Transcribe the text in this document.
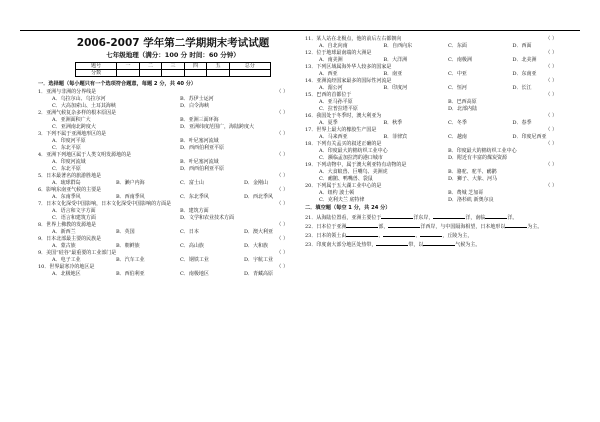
2006-2007 学年第二学期期末考试试题
七年级地理（满分：100 分 时间：60 分钟）
题号	一	二	三	四	五	总分
分数						
一．选择题（每小题只有一个选项符合题意，每题 2 分，共 40 分）
1．亚洲与非洲的分界线是	（ ）
A．乌拉尔山、乌拉尔河	B．苏伊士运河
C．大高加索山、土耳其海峡	D．白令海峡
2．亚洲气候复杂多样的根本原因是	（ ）
A．亚洲面积广大	B．亚洲三面环海
C．亚洲南北跨度大	D．亚洲纬度范围广，海陆跨度大
3．下列不属于亚洲地形区的是	（ ）
A．印度河平原	B．叶尼塞河流域
C．东北平原	D．西西伯利亚平原
4．亚洲下列地区属于人类文明发源地的是	（ ）
A．印度河流域	B．叶尼塞河流域
C．东北平原	D．西西伯利亚平原
5．日本最著名的旅游胜地是	（ ）
A．琉球群岛	B．濑户内海	C．富士山	D．金刚山
6．影响东南亚气候的主要是	（ ）
A．东南季风	B．西南季风	C．东北季风	D．西北季风
7．日本文化深受中国影响，日本文化深受中国影响的方面是	（ ）
A．语言和文字方面	B．建筑方面
C．语言和建筑方面	D．文学和农业技术方面
8．世界上佛教的发源地是	（ ）
A．新西兰	B．英国	C．日本	D．澳大利亚
9．日本北部最主要的民族是	（ ）
A．蒙古族	B．朝鲜族	C．高山族	D．大和族
9．美国“硅谷”最重要的工业部门是	（ ）
A．电子工业	B．汽车工业	C．钢铁工业	D．宇航工业
10．世界最寒冷的地区是	（ ）
A．北极地区	B．西伯利亚	C．南极地区	D．青藏高原
11．某人站在北极点，他的前后左右都朝向	（ ）
A．自北向南	B．自西向东	C．东面	D．西面
12．位于地球最南端的大洲是	（ ）
A．南美洲	B．大洋洲	C．南极洲	D．北美洲
13．下列区域属海外华人较多的国家是	（ ）
A．西亚	B．南亚	C．中亚	D．东南亚
14．亚洲流经国家最多的国际性河流是	（ ）
A．湄公河	B．印度河	C．恒河	D．长江
15．巴西的首都位于	（ ）
A．亚马孙平原	B．巴西高原
C．拉普拉塔平原	D．北部内陆
16．我国处于冬季时，澳大利亚为	（ ）
A．夏季	B．秋季	C．冬季	D．春季
17．世界上最大的橡胶生产国是	（ ）
A．马来西亚	B．菲律宾	C．越南	D．印度尼西亚
18．下列有关孟买的叙述正确的是	（ ）
A．印度最大的棉纺织工业中心	B．印度最大的棉纺织工业中心
C．濒临孟加拉湾的港口城市	D．附近有丰富的煤炭资源
19．下列动物中，属于澳大利亚特有动物的是	（ ）
A．大食蚁兽、巨嘴鸟、美洲虎	B．骆驼、驼羊、鸸鹋
C．鸸鹋、鸭嘴兽、袋鼠	D．狮子、大象、河马
20．下列属于五大湖工业中心的是	（ ）
A．纽约 波士顿	B．费城 芝加哥
C．克利夫兰 底特律	D．洛杉矶 新奥尔良
二．填空题（每空 1 分，共 24 分）
21．从海陆位置看，亚洲主要位于	洋东岸，	洋，南临	洋。
22．日本位于亚洲	部，	洋西岸，与中国隔海相望，日本地形以	为主。
23．日本的领土由	、	、	，丘陵为主，
23．印度南大部分地区处热带，	带，以	气候为主。
